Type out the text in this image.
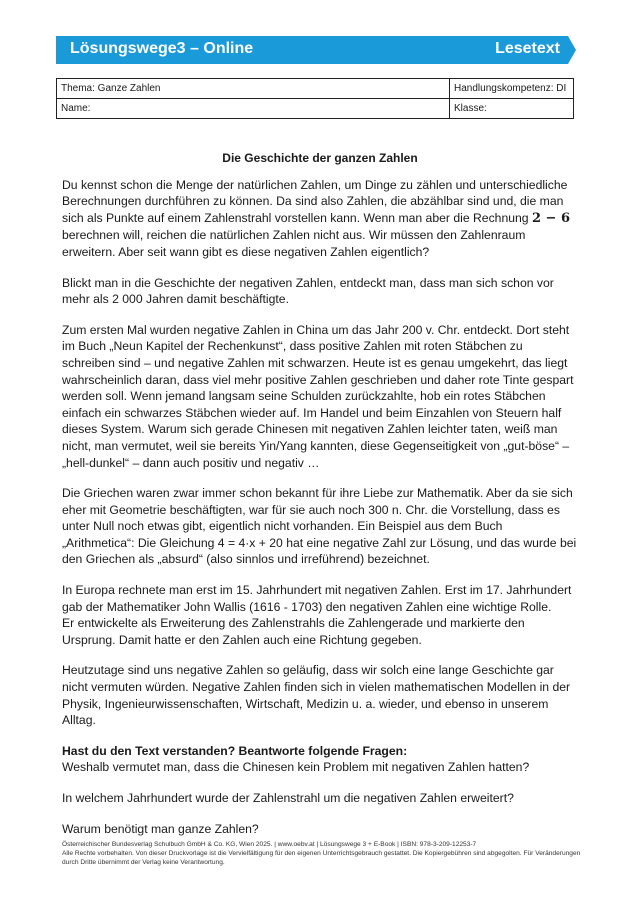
Lösungswege3 – Online	Lesetext
Thema: Ganze Zahlen	Handlungskompetenz: DI
Name:	Klasse:

Die Geschichte der ganzen Zahlen

Du kennst schon die Menge der natürlichen Zahlen, um Dinge zu zählen und unterschiedliche Berechnungen durchführen zu können. Da sind also Zahlen, die abzählbar sind und, die man sich als Punkte auf einem Zahlenstrahl vorstellen kann. Wenn man aber die Rechnung 2 − 6 berechnen will, reichen die natürlichen Zahlen nicht aus. Wir müssen den Zahlenraum erweitern. Aber seit wann gibt es diese negativen Zahlen eigentlich?

Blickt man in die Geschichte der negativen Zahlen, entdeckt man, dass man sich schon vor mehr als 2 000 Jahren damit beschäftigte.

Zum ersten Mal wurden negative Zahlen in China um das Jahr 200 v. Chr. entdeckt. Dort steht im Buch „Neun Kapitel der Rechenkunst“, dass positive Zahlen mit roten Stäbchen zu schreiben sind – und negative Zahlen mit schwarzen. Heute ist es genau umgekehrt, das liegt wahrscheinlich daran, dass viel mehr positive Zahlen geschrieben und daher rote Tinte gespart werden soll. Wenn jemand langsam seine Schulden zurückzahlte, hob ein rotes Stäbchen einfach ein schwarzes Stäbchen wieder auf. Im Handel und beim Einzahlen von Steuern half dieses System. Warum sich gerade Chinesen mit negativen Zahlen leichter taten, weiß man nicht, man vermutet, weil sie bereits Yin/Yang kannten, diese Gegenseitigkeit von „gut-böse“ – „hell-dunkel“ – dann auch positiv und negativ …

Die Griechen waren zwar immer schon bekannt für ihre Liebe zur Mathematik. Aber da sie sich eher mit Geometrie beschäftigten, war für sie auch noch 300 n. Chr. die Vorstellung, dass es unter Null noch etwas gibt, eigentlich nicht vorhanden. Ein Beispiel aus dem Buch „Arithmetica“: Die Gleichung 4 = 4·x + 20 hat eine negative Zahl zur Lösung, und das wurde bei den Griechen als „absurd“ (also sinnlos und irreführend) bezeichnet.

In Europa rechnete man erst im 15. Jahrhundert mit negativen Zahlen. Erst im 17. Jahrhundert gab der Mathematiker John Wallis (1616 - 1703) den negativen Zahlen eine wichtige Rolle.
Er entwickelte als Erweiterung des Zahlenstrahls die Zahlengerade und markierte den Ursprung. Damit hatte er den Zahlen auch eine Richtung gegeben.

Heutzutage sind uns negative Zahlen so geläufig, dass wir solch eine lange Geschichte gar nicht vermuten würden. Negative Zahlen finden sich in vielen mathematischen Modellen in der Physik, Ingenieurwissenschaften, Wirtschaft, Medizin u. a. wieder, und ebenso in unserem Alltag.

Hast du den Text verstanden? Beantworte folgende Fragen:

Weshalb vermutet man, dass die Chinesen kein Problem mit negativen Zahlen hatten?

In welchem Jahrhundert wurde der Zahlenstrahl um die negativen Zahlen erweitert?

Warum benötigt man ganze Zahlen?

Österreichischer Bundesverlag Schulbuch GmbH & Co. KG, Wien 2025. | www.oebv.at | Lösungswege 3 + E-Book | ISBN: 978-3-209-12253-7
Alle Rechte vorbehalten. Von dieser Druckvorlage ist die Vervielfältigung für den eigenen Unterrichtsgebrauch gestattet. Die Kopiergebühren sind abgegolten. Für Veränderungen durch Dritte übernimmt der Verlag keine Verantwortung.
